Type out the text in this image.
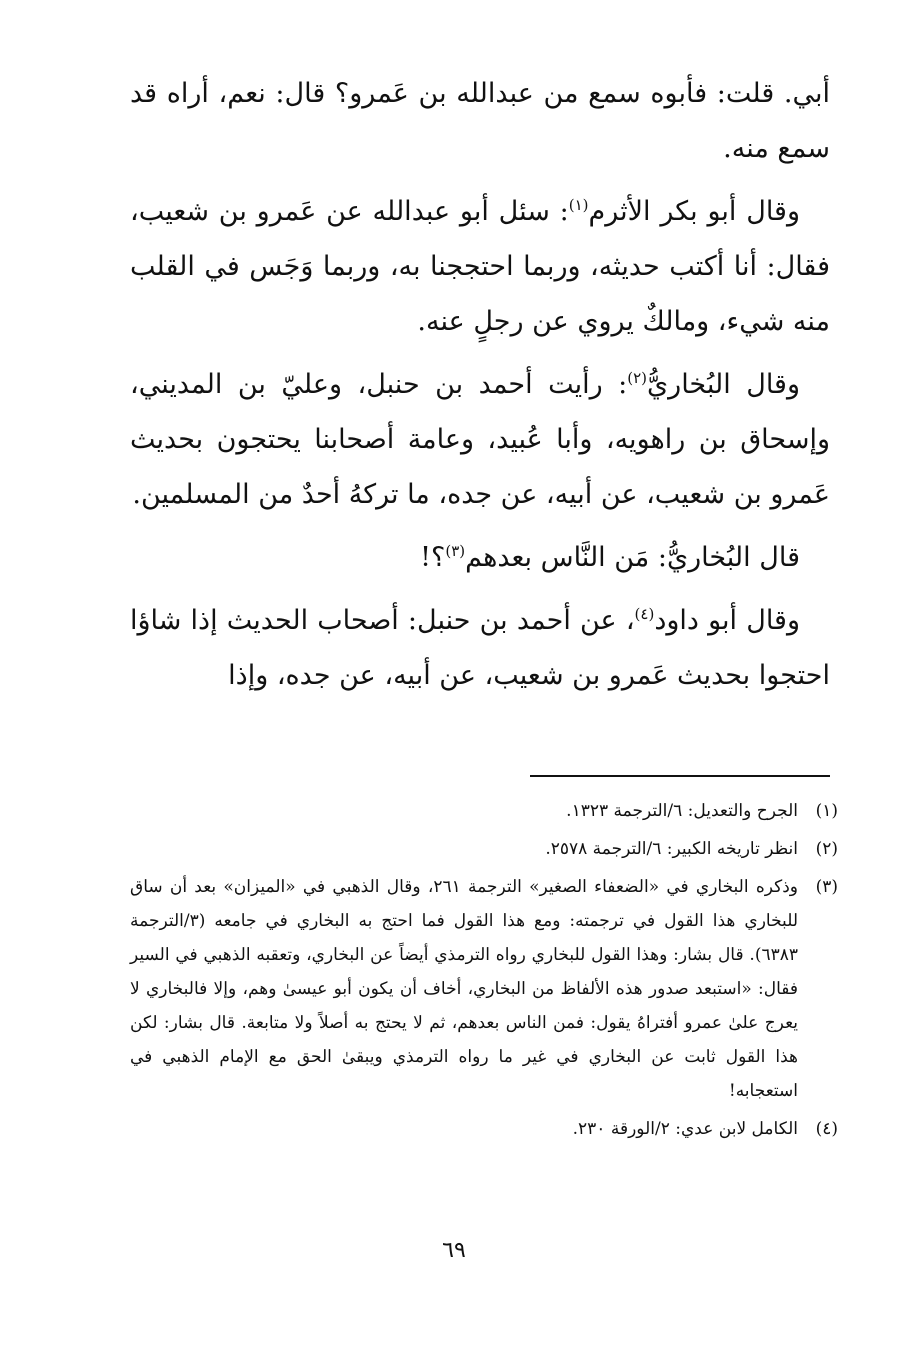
أبي. قلت: فأبوه سمع من عبدالله بن عَمرو؟ قال: نعم، أراه قد سمع منه.

وقال أبو بكر الأثرم$^{(١)}$: سئل أبو عبدالله عن عَمرو بن شعيب، فقال: أنا أكتب حديثه، وربما احتججنا به، وربما وَجَس في القلب منه شيء، ومالكٌ يروي عن رجلٍ عنه.

وقال البُخاريُّ$^{(٢)}$: رأيت أحمد بن حنبل، وعليّ بن المديني، وإسحاق بن راهويه، وأبا عُبيد، وعامة أصحابنا يحتجون بحديث عَمرو بن شعيب، عن أبيه، عن جده، ما تركهُ أحدٌ من المسلمين.

قال البُخاريُّ: مَن النَّاس بعدهم$^{(٣)}$؟!

وقال أبو داود$^{(٤)}$، عن أحمد بن حنبل: أصحاب الحديث إذا شاؤا احتجوا بحديث عَمرو بن شعيب، عن أبيه، عن جده، وإذا

(١)
الجرح والتعديل: ٦/الترجمة ١٣٢٣.
(٢)
انظر تاريخه الكبير: ٦/الترجمة ٢٥٧٨.
(٣)
وذكره البخاري في «الضعفاء الصغير» الترجمة ٢٦١، وقال الذهبي في «الميزان» بعد أن ساق للبخاري هذا القول في ترجمته: ومع هذا القول فما احتج به البخاري في جامعه (٣/الترجمة ٦٣٨٣). قال بشار: وهذا القول للبخاري رواه الترمذي أيضاً عن البخاري، وتعقبه الذهبي في السير فقال: «استبعد صدور هذه الألفاظ من البخاري، أخاف أن يكون أبو عيسىٰ وهم، وإلا فالبخاري لا يعرج علىٰ عمرو أفتراهُ يقول: فمن الناس بعدهم، ثم لا يحتج به أصلاً ولا متابعة. قال بشار: لكن هذا القول ثابت عن البخاري في غير ما رواه الترمذي ويبقىٰ الحق مع الإمام الذهبي في استعجابه!
(٤)
الكامل لابن عدي: ٢/الورقة ٢٣٠.
٦٩
